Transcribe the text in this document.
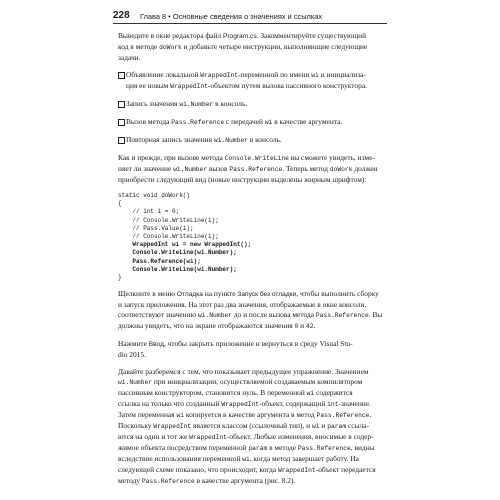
228 Глава 8 • Основные сведения о значениях и ссылках

Выведите в окне редактора файл Program.cs. Закомментируйте существующий

код в методе doWork и добавьте четыре инструкции, выполняющие следующие

задачи.

Объявление локальной WrappedInt-переменной по имени wi и инициализа-

ция ее новым WrappedInt-объектом путем вызова пассивного конструктора.

Запись значения wi.Number в консоль.

Вызов метода Pass.Reference с передачей wi в качестве аргумента.

Повторная запись значения wi.Number в консоль.

Как и прежде, при вызове метода Console.WriteLine вы сможете увидеть, изме-

няет ли значение wi.Number вызов Pass.Reference. Теперь метод doWork должен

приобрести следующий вид (новые инструкции выделены жирным шрифтом):

static void doWork()
{
// int i = 0;
// Console.WriteLine(i);
// Pass.Value(i);
// Console.WriteLine(i);
WrappedInt wi = new WrappedInt();
Console.WriteLine(wi.Number);
Pass.Reference(wi);
Console.WriteLine(wi.Number);
}

Щелкните в меню Отладка на пункте Запуск без отладки, чтобы выполнить сборку

и запуск приложения. На этот раз два значения, отображаемые в окне консоли,

соответствуют значению wi.Number до и после вызова метода Pass.Reference. Вы

должны увидеть, что на экране отображаются значения 0 и 42.

Нажмите Ввод, чтобы закрыть приложение и вернуться в среду Visual Stu-

dio 2015.

Давайте разберемся с тем, что показывает предыдущее упражнение. Значением

wi.Number при инициализации, осуществляемой создаваемым компилятором

пассивным конструктором, становится нуль. В переменной wi содержится

ссылка на только что созданный WrappedInt-объект, содержащий int-значение.

Затем переменная wi копируется в качестве аргумента в метод Pass.Reference.

Поскольку WrappedInt является классом (ссылочный тип), и wi и param ссыла-

ются на один и тот же WrappedInt-объект. Любые изменения, вносимые в содер-

жимое объекта посредством переменной param в методе Pass.Reference, видны

вследствие использования переменной wi, когда метод завершает работу. На

следующей схеме показано, что происходит, когда WrappedInt-объект передается

методу Pass.Reference в качестве аргумента (рис. 8.2).
